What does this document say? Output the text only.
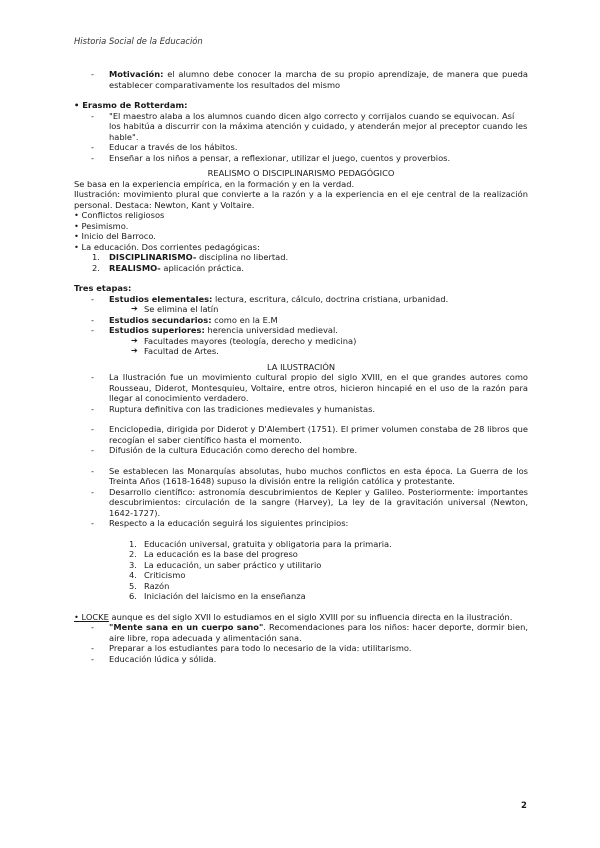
Historia Social de la Educación
- Motivación: el alumno debe conocer la marcha de su propio aprendizaje, de manera que pueda establecer comparativamente los resultados del mismo
• Erasmo de Rotterdam:
- "El maestro alaba a los alumnos cuando dicen algo correcto y corrijalos cuando se equivocan. Así los habitúa a discurrir con la máxima atención y cuidado, y atenderán mejor al preceptor cuando les hable".
- Educar a través de los hábitos.
- Enseñar a los niños a pensar, a reflexionar, utilizar el juego, cuentos y proverbios.
REALISMO O DISCIPLINARISMO PEDAGÓGICO
Se basa en la experiencia empírica, en la formación y en la verdad.
Ilustración: movimiento plural que convierte a la razón y a la experiencia en el eje central de la realización personal. Destaca: Newton, Kant y Voltaire.
• Conflictos religiosos
• Pesimismo.
• Inicio del Barroco.
• La educación. Dos corrientes pedagógicas:
1. DISCIPLINARISMO- disciplina no libertad.
2. REALISMO- aplicación práctica.
Tres etapas:
- Estudios elementales: lectura, escritura, cálculo, doctrina cristiana, urbanidad.
➔ Se elimina el latín
- Estudios secundarios: como en la E.M
- Estudios superiores: herencia universidad medieval.
➔ Facultades mayores (teología, derecho y medicina)
➔ Facultad de Artes.
LA ILUSTRACIÓN
- La Ilustración fue un movimiento cultural propio del siglo XVIII, en el que grandes autores como Rousseau, Diderot, Montesquieu, Voltaire, entre otros, hicieron hincapié en el uso de la razón para llegar al conocimiento verdadero.
- Ruptura definitiva con las tradiciones medievales y humanistas.
- Enciclopedia, dirigida por Diderot y D'Alembert (1751). El primer volumen constaba de 28 libros que recogían el saber científico hasta el momento.
- Difusión de la cultura Educación como derecho del hombre.
- Se establecen las Monarquías absolutas, hubo muchos conflictos en esta época. La Guerra de los Treinta Años (1618-1648) supuso la división entre la religión católica y protestante.
- Desarrollo científico: astronomía descubrimientos de Kepler y Galileo. Posteriormente: importantes descubrimientos: circulación de la sangre (Harvey), La ley de la gravitación universal (Newton, 1642-1727).
- Respecto a la educación seguirá los siguientes principios:
1. Educación universal, gratuita y obligatoria para la primaria.
2. La educación es la base del progreso
3. La educación, un saber práctico y utilitario
4. Criticismo
5. Razón
6. Iniciación del laicismo en la enseñanza
• LOCKE aunque es del siglo XVII lo estudiamos en el siglo XVIII por su influencia directa en la ilustración.
- "Mente sana en un cuerpo sano". Recomendaciones para los niños: hacer deporte, dormir bien, aire libre, ropa adecuada y alimentación sana.
- Preparar a los estudiantes para todo lo necesario de la vida: utilitarismo.
- Educación lúdica y sólida.
2
